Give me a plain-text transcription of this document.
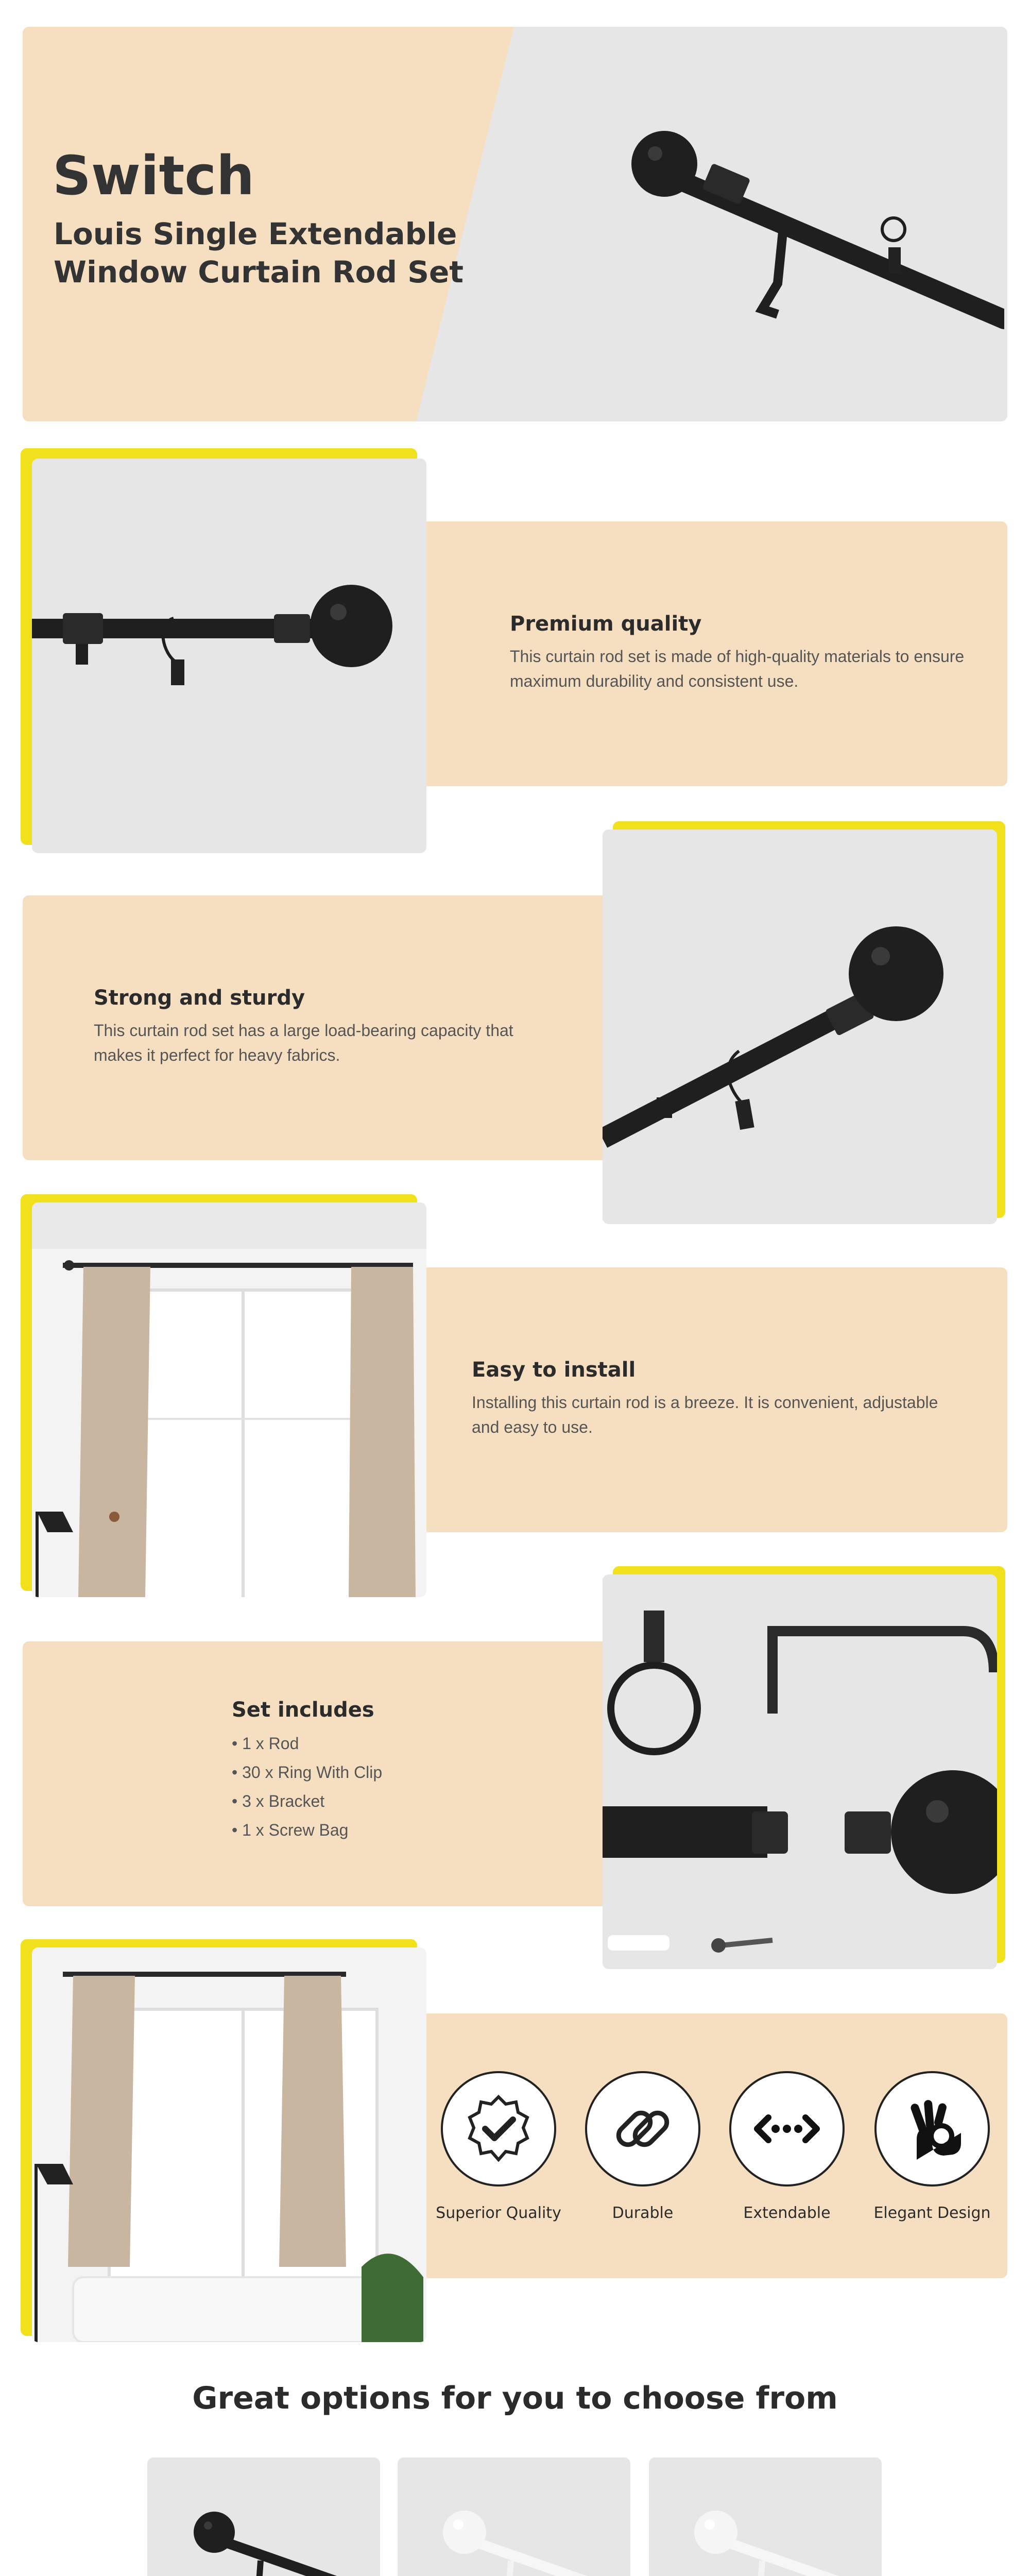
Switch
Louis Single Extendable
Window Curtain Rod Set
Premium quality
This curtain rod set is made of high-quality materials to ensure maximum durability and consistent use.
Strong and sturdy
This curtain rod set has a large load-bearing capacity that makes it perfect for heavy fabrics.
Easy to install
Installing this curtain rod is a breeze. It is convenient, adjustable and easy to use.
Set includes
• 1 x Rod
• 30 x Ring With Clip
• 3 x Bracket
• 1 x Screw Bag
Superior Quality	Durable	Extendable	Elegant Design
Great options for you to choose from
